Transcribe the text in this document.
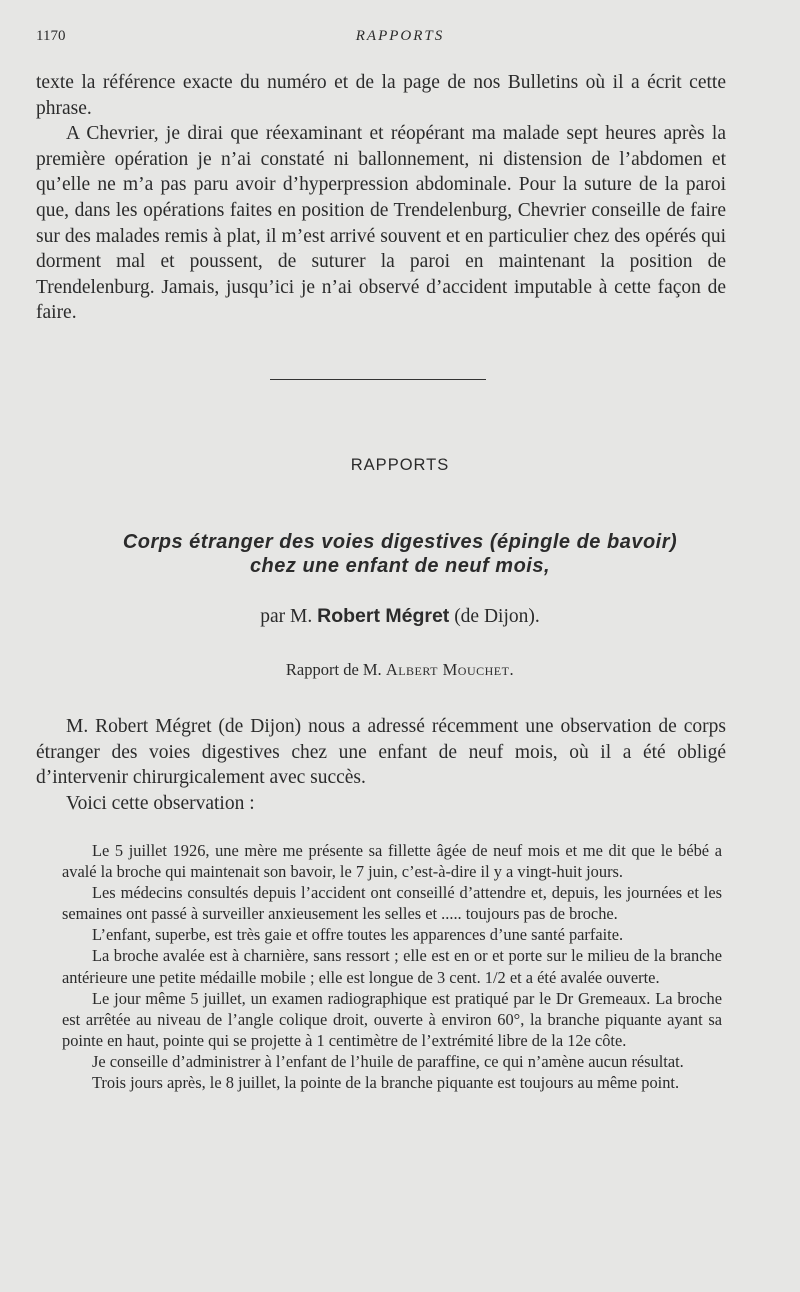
1170	RAPPORTS

texte la référence exacte du numéro et de la page de nos Bulletins où il a écrit cette phrase.

A Chevrier, je dirai que réexaminant et réopérant ma malade sept heures après la première opération je n’ai constaté ni ballonnement, ni distension de l’abdomen et qu’elle ne m’a pas paru avoir d’hyperpression abdominale. Pour la suture de la paroi que, dans les opérations faites en position de Trendelenburg, Chevrier conseille de faire sur des malades remis à plat, il m’est arrivé souvent et en particulier chez des opérés qui dorment mal et poussent, de suturer la paroi en maintenant la position de Trendelenburg. Jamais, jusqu’ici je n’ai observé d’accident imputable à cette façon de faire.

RAPPORTS
Corps étranger des voies digestives (épingle de bavoir)
chez une enfant de neuf mois,
par M. Robert Mégret (de Dijon).
Rapport de M. Albert Mouchet.

M. Robert Mégret (de Dijon) nous a adressé récemment une observation de corps étranger des voies digestives chez une enfant de neuf mois, où il a été obligé d’intervenir chirurgicalement avec succès.

Voici cette observation :

Le 5 juillet 1926, une mère me présente sa fillette âgée de neuf mois et me dit que le bébé a avalé la broche qui maintenait son bavoir, le 7 juin, c’est-à-dire il y a vingt-huit jours.

Les médecins consultés depuis l’accident ont conseillé d’attendre et, depuis, les journées et les semaines ont passé à surveiller anxieusement les selles et ..... toujours pas de broche.

L’enfant, superbe, est très gaie et offre toutes les apparences d’une santé parfaite.

La broche avalée est à charnière, sans ressort ; elle est en or et porte sur le milieu de la branche antérieure une petite médaille mobile ; elle est longue de 3 cent. 1/2 et a été avalée ouverte.

Le jour même 5 juillet, un examen radiographique est pratiqué par le Dr Gremeaux. La broche est arrêtée au niveau de l’angle colique droit, ouverte à environ 60°, la branche piquante ayant sa pointe en haut, pointe qui se projette à 1 centimètre de l’extrémité libre de la 12e côte.

Je conseille d’administrer à l’enfant de l’huile de paraffine, ce qui n’amène aucun résultat.

Trois jours après, le 8 juillet, la pointe de la branche piquante est toujours au même point.
